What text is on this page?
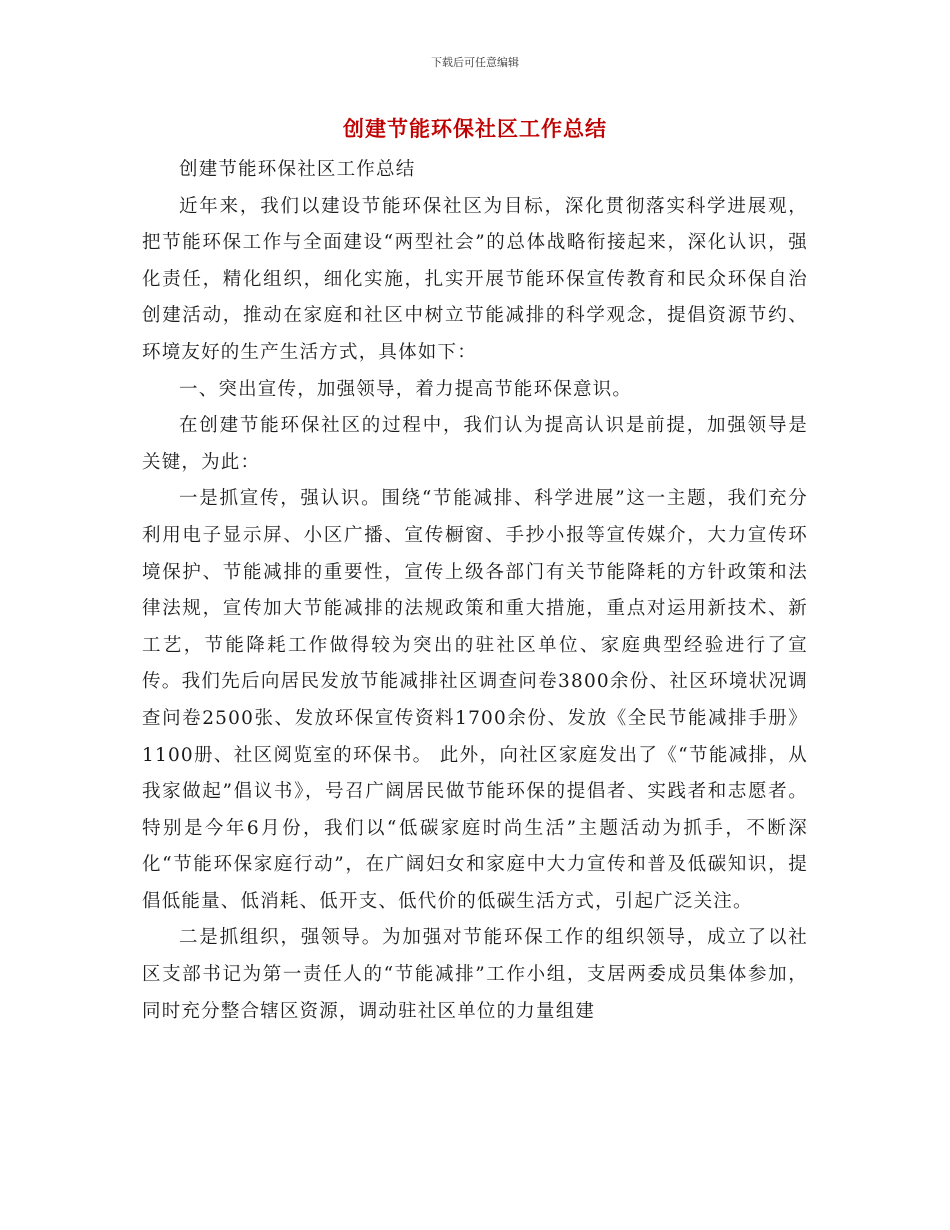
下载后可任意编辑
创建节能环保社区工作总结

创建节能环保社区工作总结

近年来，我们以建设节能环保社区为目标，深化贯彻落实科学进展观，把节能环保工作与全面建设“两型社会”的总体战略衔接起来，深化认识，强化责任，精化组织，细化实施，扎实开展节能环保宣传教育和民众环保自治创建活动，推动在家庭和社区中树立节能减排的科学观念，提倡资源节约、环境友好的生产生活方式，具体如下：

一、突出宣传，加强领导，着力提高节能环保意识。

在创建节能环保社区的过程中，我们认为提高认识是前提，加强领导是关键，为此：

一是抓宣传，强认识。围绕“节能减排、科学进展”这一主题，我们充分利用电子显示屏、小区广播、宣传橱窗、手抄小报等宣传媒介，大力宣传环境保护、节能减排的重要性，宣传上级各部门有关节能降耗的方针政策和法律法规，宣传加大节能减排的法规政策和重大措施，重点对运用新技术、新工艺，节能降耗工作做得较为突出的驻社区单位、家庭典型经验进行了宣传。我们先后向居民发放节能减排社区调查问卷3800余份、社区环境状况调查问卷2500张、发放环保宣传资料1700余份、发放《全民节能减排手册》1100册、社区阅览室的环保书。 此外，向社区家庭发出了《“节能减排，从我家做起”倡议书》，号召广阔居民做节能环保的提倡者、实践者和志愿者。特别是今年6月份，我们以“低碳家庭时尚生活”主题活动为抓手，不断深化“节能环保家庭行动”，在广阔妇女和家庭中大力宣传和普及低碳知识，提倡低能量、低消耗、低开支、低代价的低碳生活方式，引起广泛关注。

二是抓组织，强领导。为加强对节能环保工作的组织领导，成立了以社区支部书记为第一责任人的“节能减排”工作小组，支居两委成员集体参加，同时充分整合辖区资源，调动驻社区单位的力量组建
